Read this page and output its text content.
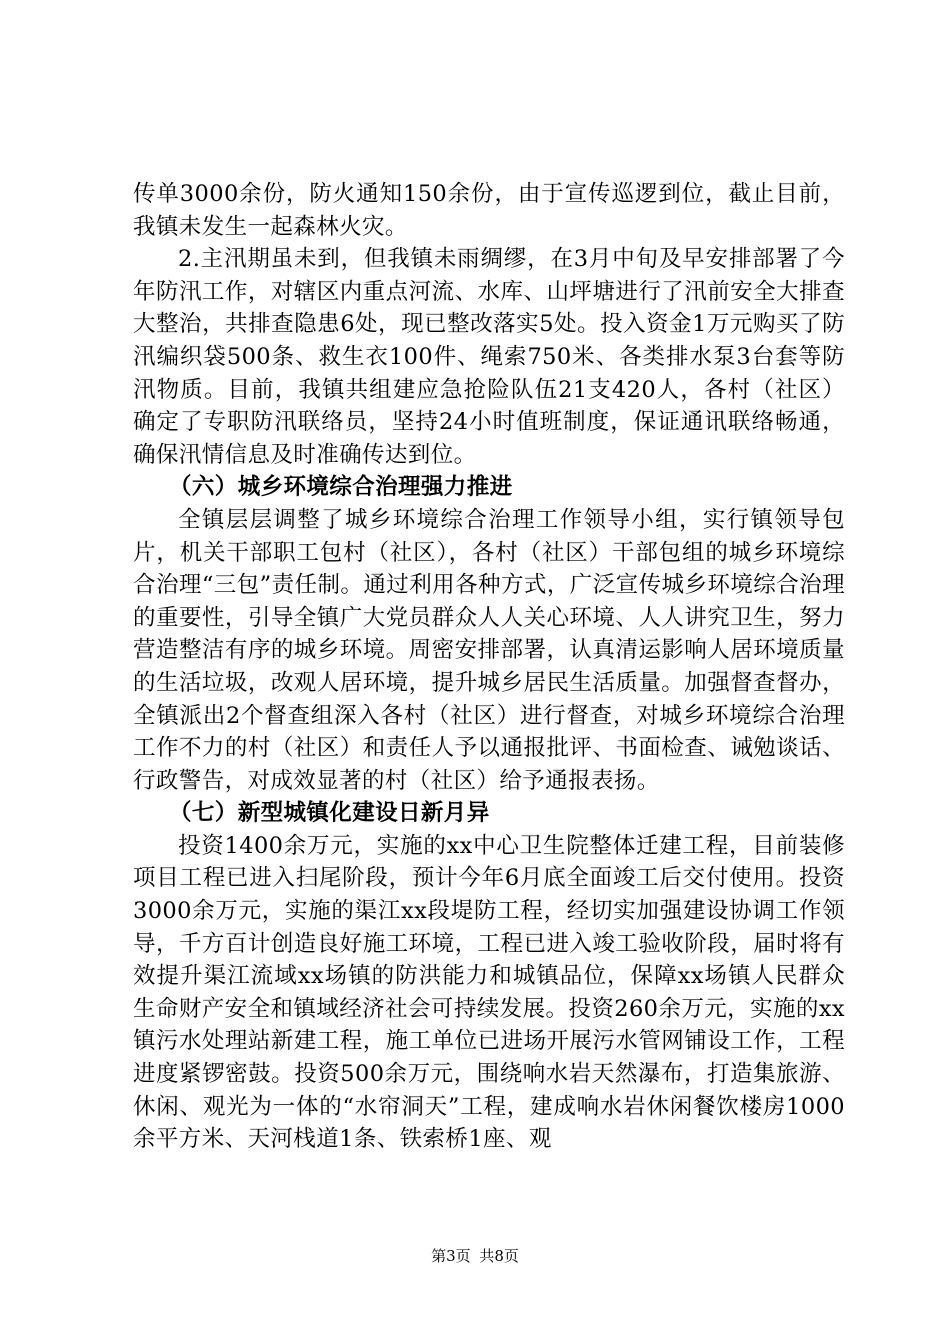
传单3000余份，防火通知150余份，由于宣传巡逻到位，截止目前，我镇未发生一起森林火灾。

2.主汛期虽未到，但我镇未雨绸缪，在3月中旬及早安排部署了今年防汛工作，对辖区内重点河流、水库、山坪塘进行了汛前安全大排查大整治，共排查隐患6处，现已整改落实5处。投入资金1万元购买了防汛编织袋500条、救生衣100件、绳索750米、各类排水泵3台套等防汛物质。目前，我镇共组建应急抢险队伍21支420人，各村（社区）确定了专职防汛联络员，坚持24小时值班制度，保证通讯联络畅通，确保汛情信息及时准确传达到位。

（六）城乡环境综合治理强力推进

全镇层层调整了城乡环境综合治理工作领导小组，实行镇领导包片，机关干部职工包村（社区），各村（社区）干部包组的城乡环境综合治理“三包”责任制。通过利用各种方式，广泛宣传城乡环境综合治理的重要性，引导全镇广大党员群众人人关心环境、人人讲究卫生，努力营造整洁有序的城乡环境。周密安排部署，认真清运影响人居环境质量的生活垃圾，改观人居环境，提升城乡居民生活质量。加强督查督办，全镇派出2个督查组深入各村（社区）进行督查，对城乡环境综合治理工作不力的村（社区）和责任人予以通报批评、书面检查、诫勉谈话、行政警告，对成效显著的村（社区）给予通报表扬。

（七）新型城镇化建设日新月异

投资1400余万元，实施的xx中心卫生院整体迁建工程，目前装修项目工程已进入扫尾阶段，预计今年6月底全面竣工后交付使用。投资3000余万元，实施的渠江xx段堤防工程，经切实加强建设协调工作领导，千方百计创造良好施工环境，工程已进入竣工验收阶段，届时将有效提升渠江流域xx场镇的防洪能力和城镇品位，保障xx场镇人民群众生命财产安全和镇域经济社会可持续发展。投资260余万元，实施的xx镇污水处理站新建工程，施工单位已进场开展污水管网铺设工作，工程进度紧锣密鼓。投资500余万元，围绕响水岩天然瀑布，打造集旅游、休闲、观光为一体的“水帘洞天”工程，建成响水岩休闲餐饮楼房1000余平方米、天河栈道1条、铁索桥1座、观

第3页 共8页
